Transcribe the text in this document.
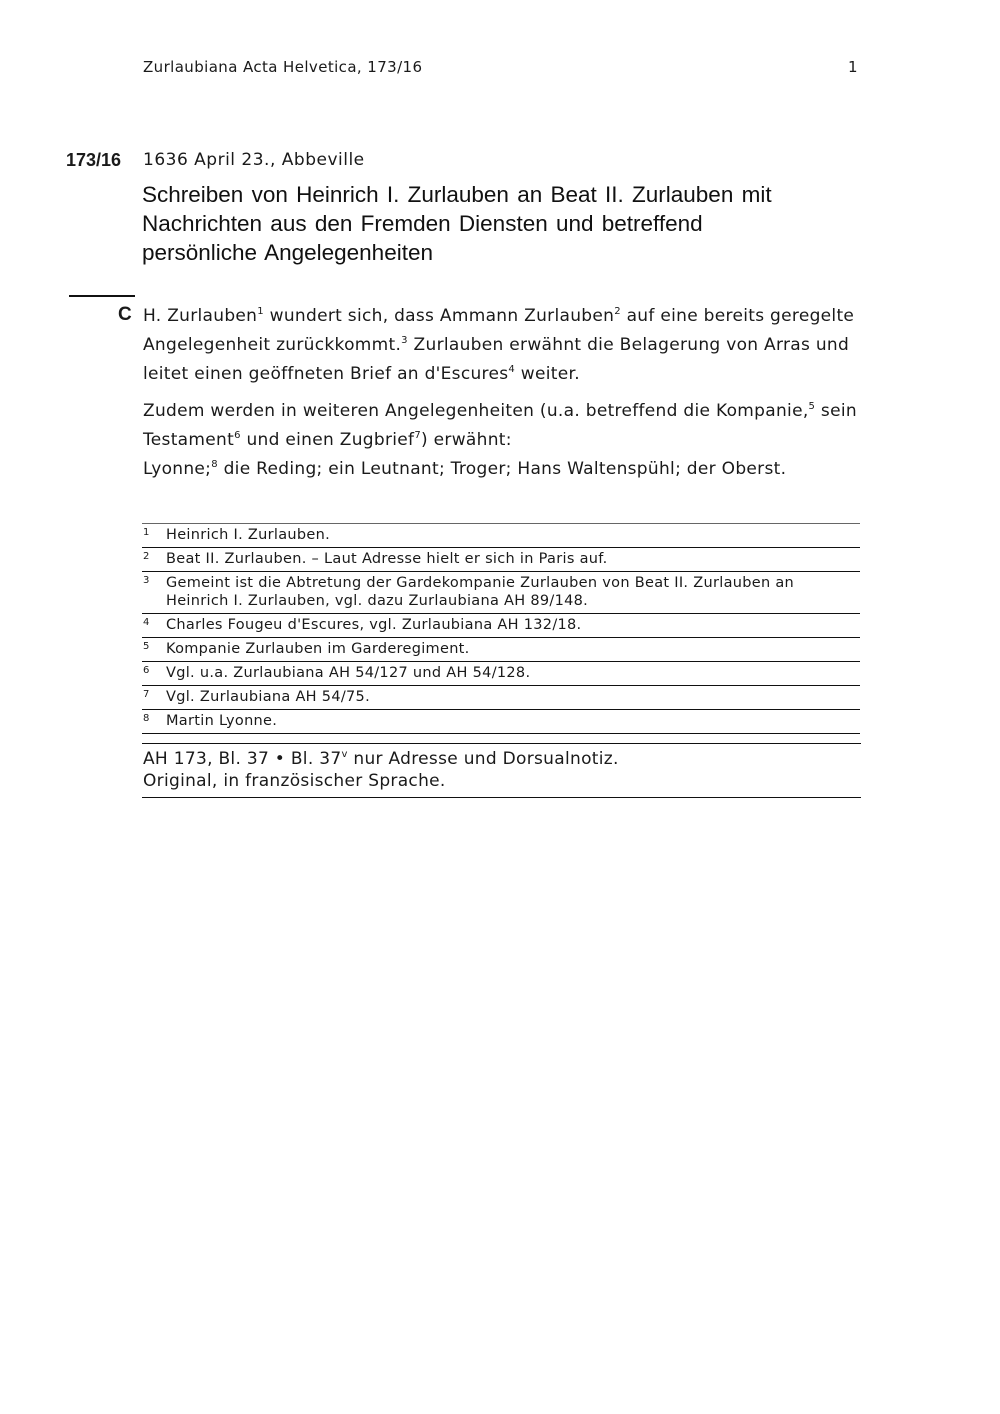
Zurlaubiana Acta Helvetica, 173/16	1
173/16 1636 April 23., Abbeville
Schreiben von Heinrich I. Zurlauben an Beat II. Zurlauben mit
Nachrichten aus den Fremden Diensten und betreffend
persönliche Angelegenheiten
C H. Zurlauben$^1$ wundert sich, dass Ammann Zurlauben$^2$ auf eine bereits geregelte Angelegenheit zurückkommt.$^3$ Zurlauben erwähnt die Belagerung von Arras und leitet einen geöffneten Brief an d'Escures$^4$ weiter.

Zudem werden in weiteren Angelegenheiten (u.a. betreffend die Kompanie,$^5$ sein Testament$^6$ und einen Zugbrief$^7$) erwähnt:
Lyonne;$^8$ die Reding; ein Leutnant; Troger; Hans Waltenspühl; der Oberst.

1 Heinrich I. Zurlauben.
2 Beat II. Zurlauben. – Laut Adresse hielt er sich in Paris auf.
3 Gemeint ist die Abtretung der Gardekompanie Zurlauben von Beat II. Zurlauben an Heinrich I. Zurlauben, vgl. dazu Zurlaubiana AH 89/148.
4 Charles Fougeu d'Escures, vgl. Zurlaubiana AH 132/18.
5 Kompanie Zurlauben im Garderegiment.
6 Vgl. u.a. Zurlaubiana AH 54/127 und AH 54/128.
7 Vgl. Zurlaubiana AH 54/75.
8 Martin Lyonne.
AH 173, Bl. 37 • Bl. 37$^v$ nur Adresse und Dorsualnotiz.
Original, in französischer Sprache.
